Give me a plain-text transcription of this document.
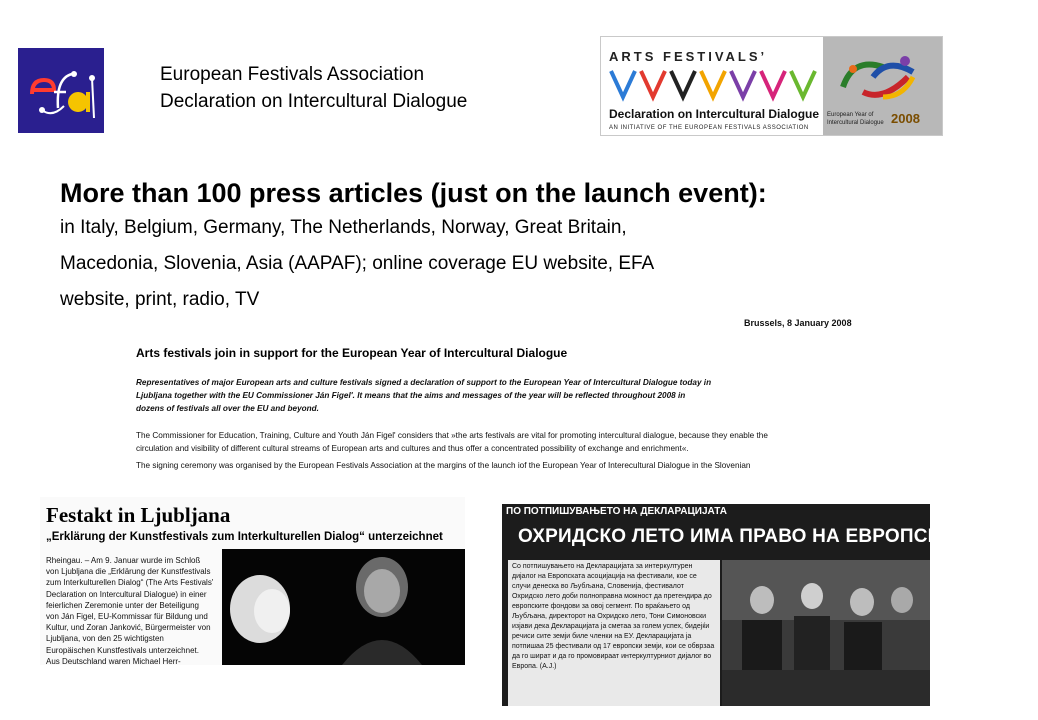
European Festivals Association
Declaration on Intercultural Dialogue
ARTS FESTIVALS’
Declaration on Intercultural Dialogue
AN INITIATIVE OF THE EUROPEAN FESTIVALS ASSOCIATION
European Year of Intercultural Dialogue 2008
More than 100 press articles (just on the launch event):
in Italy, Belgium, Germany, The Netherlands, Norway, Great Britain,
Macedonia, Slovenia, Asia (AAPAF); online coverage EU website, EFA
website, print, radio, TV
Brussels, 8 January 2008
Arts festivals join in support for the European Year of Intercultural Dialogue
Representatives of major European arts and culture festivals signed a declaration of support to the European Year of Intercultural Dialogue today in
Ljubljana together with the EU Commissioner Ján Figel'. It means that the aims and messages of the year will be reflected throughout 2008 in
dozens of festivals all over the EU and beyond.
The Commissioner for Education, Training, Culture and Youth Ján Figel' considers that »the arts festivals are vital for promoting intercultural dialogue, because they enable the
circulation and visibility of different cultural streams of European arts and cultures and thus offer a concentrated possibility of exchange and enrichment«.
The signing ceremony was organised by the European Festivals Association at the margins of the launch iof the European Year of Interecultural Dialogue in the Slovenian
Festakt in Ljubljana
„Erklärung der Kunstfestivals zum Interkulturellen Dialog“ unterzeichnet
Rheingau. – Am 9. Januar wurde im Schloß von Ljubljana die „Erklärung der Kunstfestivals zum Interkulturellen Dialog“ (The Arts Festivals' Declaration on Intercultural Dialogue) in einer feierlichen Zeremonie unter der Beteiligung von Ján Figel, EU-Kommissar für Bildung und Kultur, und Zoran Janković, Bürgermeister von Ljubljana, von den 25 wichtigsten Europäischen Kunstfestivals unterzeichnet. Aus Deutschland waren Michael Herr-
ПО ПОТПИШУВАЊЕТО НА ДЕКЛАРАЦИЈАТА
ОХРИДСКО ЛЕТО ИМА ПРАВО НА ЕВРОПСКИТЕ ПАРИ
Со потпишувањето на Декларацијата за интеркултурен дијалог на Европската асоцијација на фестивали, кое се случи денеска во Љубљана, Словенија, фестивалот Охридско лето доби полноправна можност да претендира до европските фондови за овој сегмент. По враќањето од Љубљана, директорот на Охридско лето, Тони Симоновски изјави дека Декларацијата ја сметаа за голем успех, бидејќи речиси сите земји биле членки на ЕУ. Декларацијата ја потпишаа 25 фестивали од 17 европски земји, кои се обврзаа да го шират и да го промовираат интеркултурниот дијалог во Европа. (А.Ј.)
